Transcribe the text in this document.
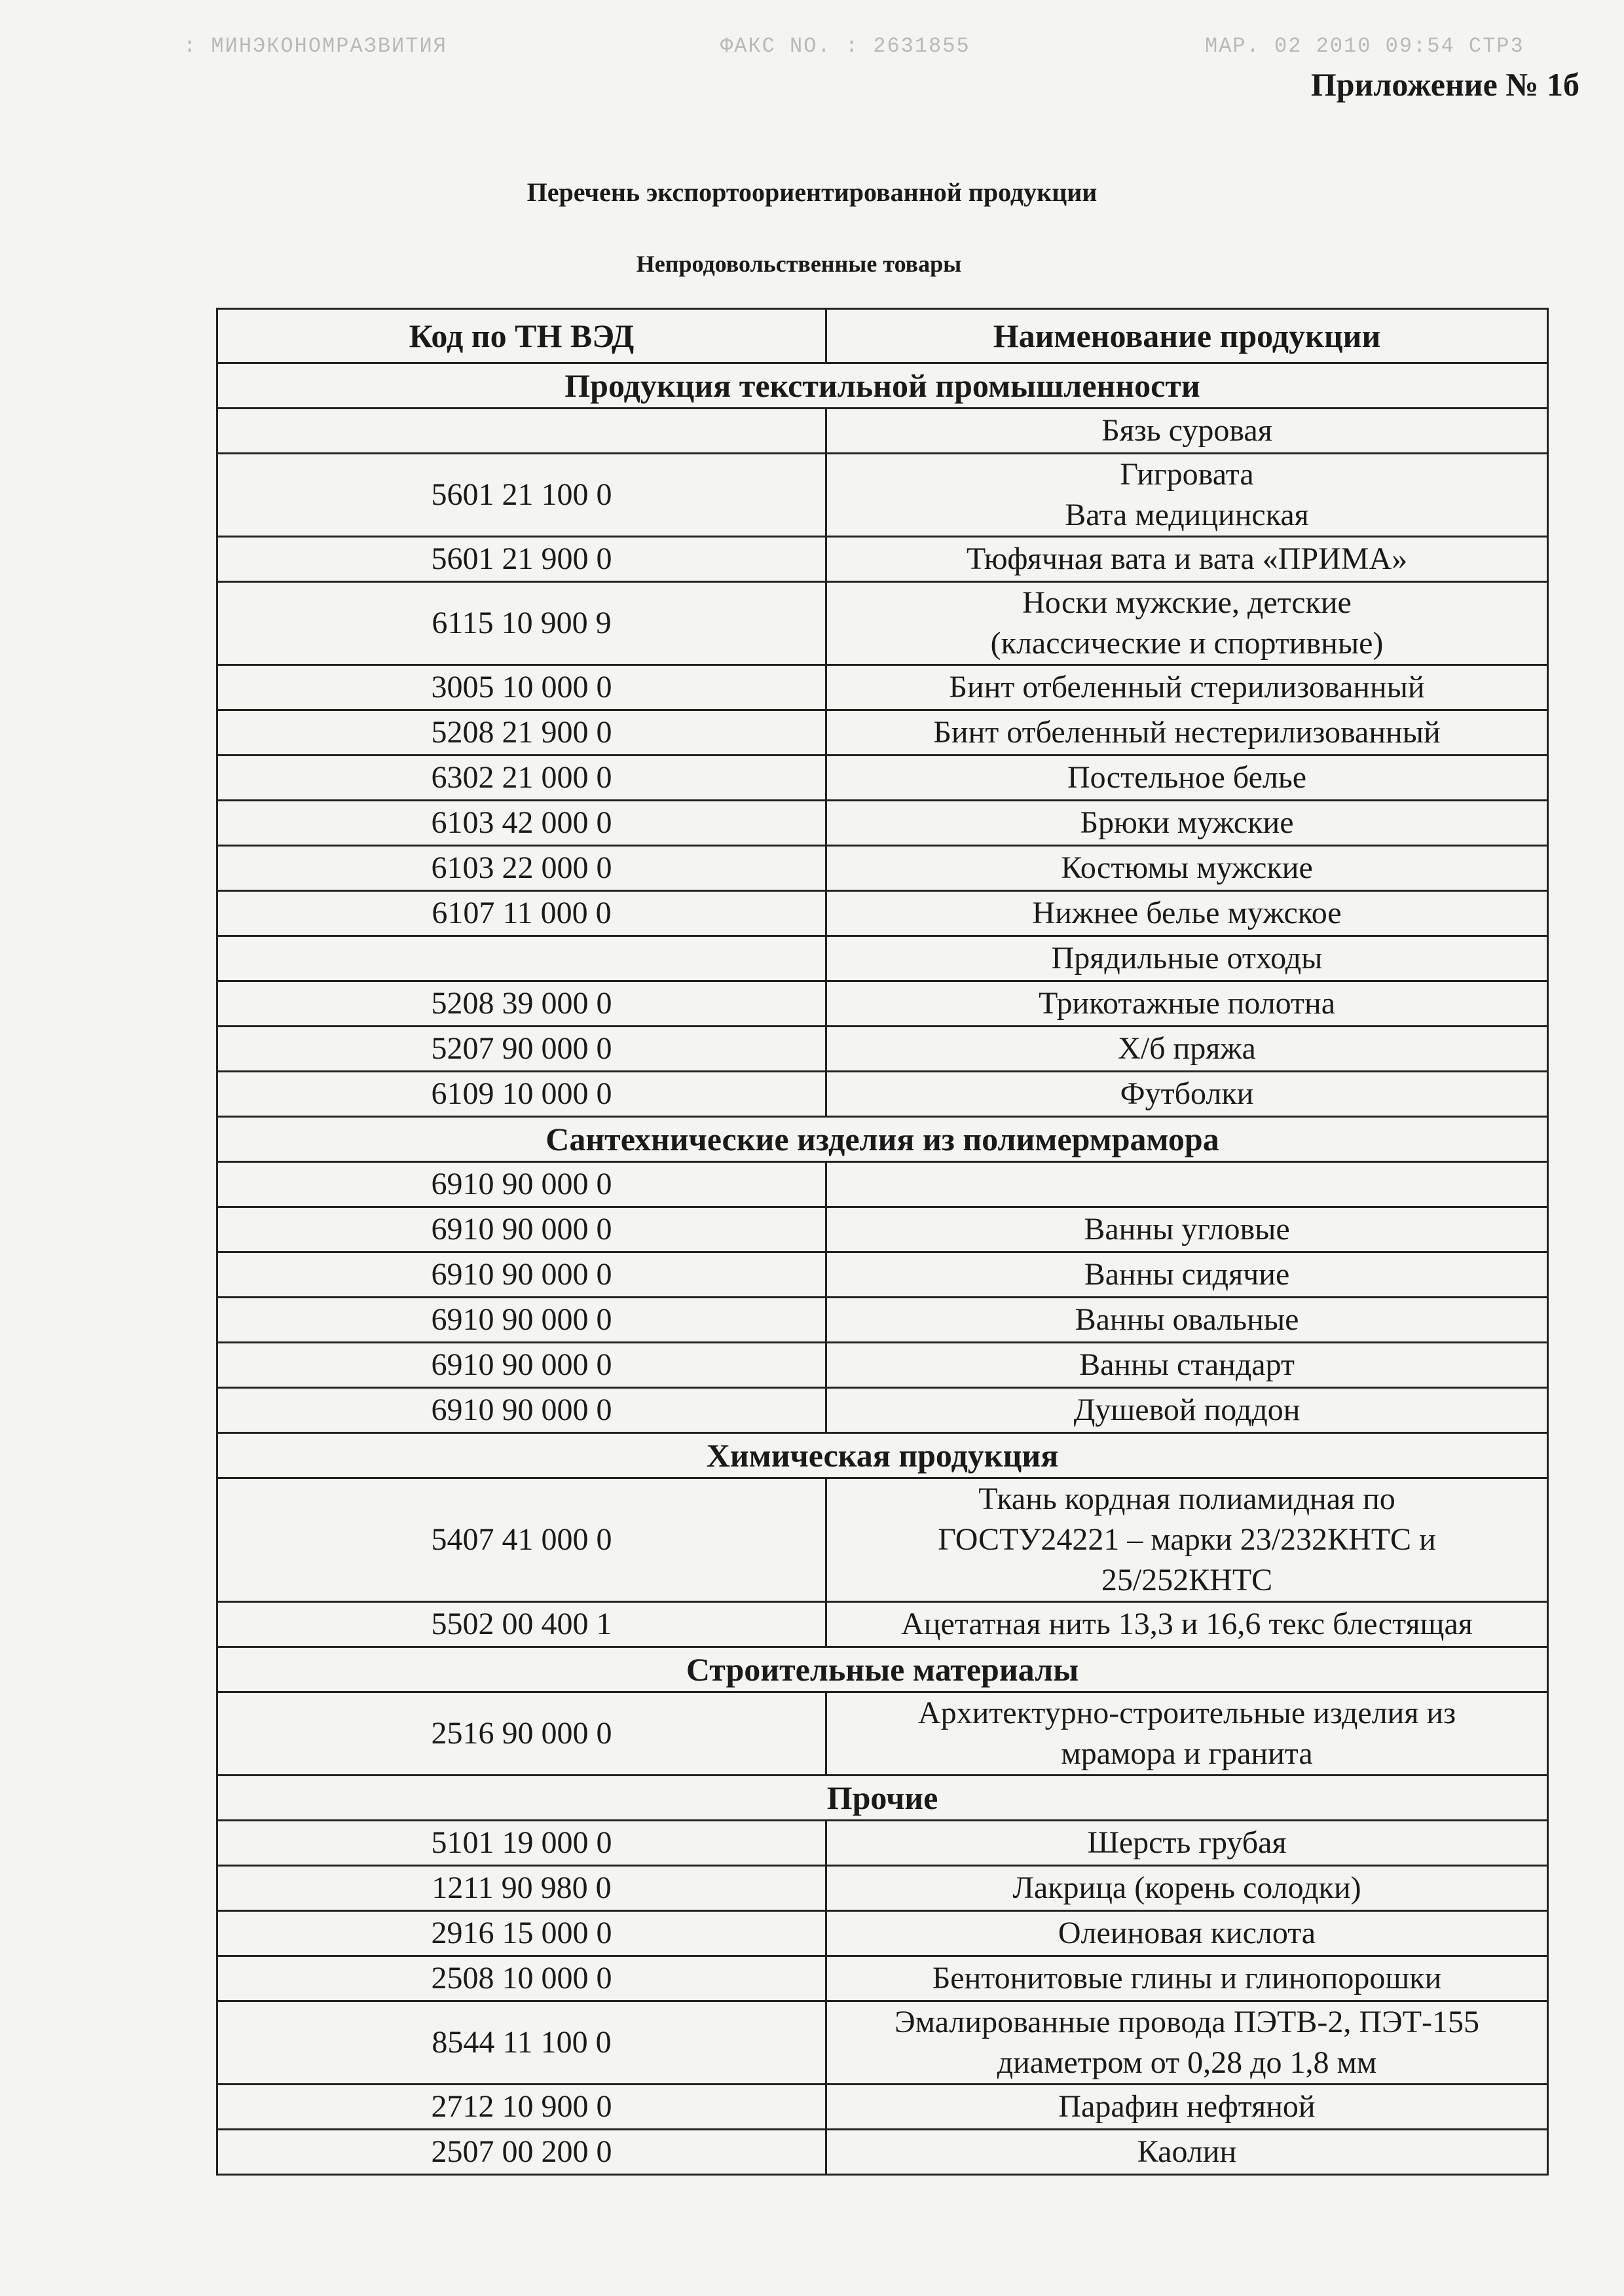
: МИНЭКОНОМРАЗВИТИЯ	ФАКС NO. : 2631855	МАР. 02 2010 09:54 СТР3
Приложение № 1б
Перечень экспортоориентированной продукции
Непродовольственные товары
Код по ТН ВЭД	Наименование продукции
Продукция текстильной промышленности	
	Бязь суровая
5601 21 100 0	Гигровата
Вата медицинская
5601 21 900 0	Тюфячная вата и вата «ПРИМА»
6115 10 900 9	Носки мужские, детские
(классические и спортивные)
3005 10 000 0	Бинт отбеленный стерилизованный
5208 21 900 0	Бинт отбеленный нестерилизованный
6302 21 000 0	Постельное белье
6103 42 000 0	Брюки мужские
6103 22 000 0	Костюмы мужские
6107 11 000 0	Нижнее белье мужское
	Прядильные отходы
5208 39 000 0	Трикотажные полотна
5207 90 000 0	Х/б пряжа
6109 10 000 0	Футболки
Сантехнические изделия из полимермрамора	
6910 90 000 0	
6910 90 000 0	Ванны угловые
6910 90 000 0	Ванны сидячие
6910 90 000 0	Ванны овальные
6910 90 000 0	Ванны стандарт
6910 90 000 0	Душевой поддон
Химическая продукция	
5407 41 000 0	Ткань кордная полиамидная по
ГОСТУ24221 – марки 23/232КНТС и
25/252КНТС
5502 00 400 1	Ацетатная нить 13,3 и 16,6 текс блестящая
Строительные материалы	
2516 90 000 0	Архитектурно-строительные изделия из
мрамора и гранита
Прочие	
5101 19 000 0	Шерсть грубая
1211 90 980 0	Лакрица (корень солодки)
2916 15 000 0	Олеиновая кислота
2508 10 000 0	Бентонитовые глины и глинопорошки
8544 11 100 0	Эмалированные провода ПЭТВ-2, ПЭТ-155
диаметром от 0,28 до 1,8 мм
2712 10 900 0	Парафин нефтяной
2507 00 200 0	Каолин
